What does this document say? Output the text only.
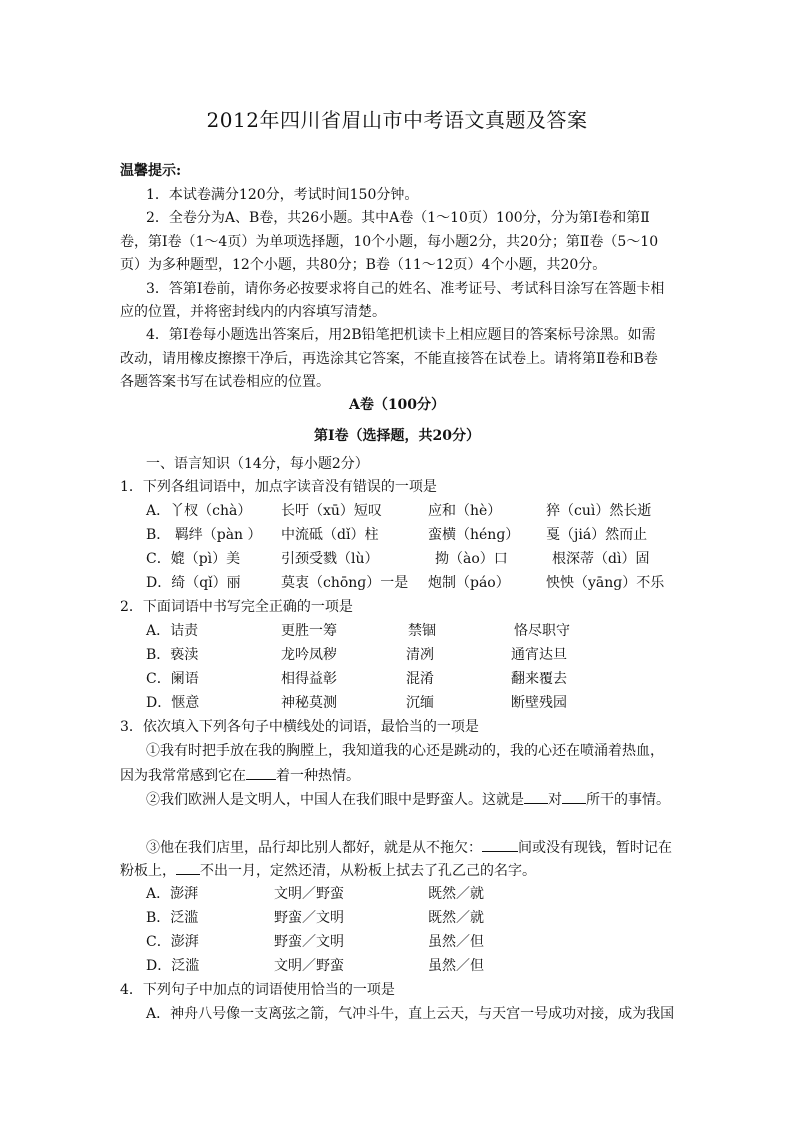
2012年四川省眉山市中考语文真题及答案
温馨提示:
1．本试卷满分120分，考试时间150分钟。
2．全卷分为A、B卷，共26小题。其中A卷（1～10页）100分，分为第Ⅰ卷和第Ⅱ
卷，第Ⅰ卷（1～4页）为单项选择题，10个小题，每小题2分，共20分；第Ⅱ卷（5～10
页）为多种题型，12个小题，共80分；B卷（11～12页）4个小题，共20分。
3．答第Ⅰ卷前，请你务必按要求将自己的姓名、准考证号、考试科目涂写在答题卡相
应的位置，并将密封线内的内容填写清楚。
4．第Ⅰ卷每小题选出答案后，用2B铅笔把机读卡上相应题目的答案标号涂黑。如需
改动，请用橡皮擦擦干净后，再选涂其它答案，不能直接答在试卷上。请将第Ⅱ卷和B卷
各题答案书写在试卷相应的位置。
A卷（100分）
第Ⅰ卷（选择题，共20分）
一、语言知识（14分，每小题2分）
1．下列各组词语中，加点字读音没有错误的一项是
A．丫杈（chà） 长吁（xū）短叹	应和（hè）	猝（cuì）然长逝
B． 羁绊（pàn ） 中流砥（dǐ）柱	蛮横（hénɡ） 戛（jiá）然而止
C．媲（pì）美	引颈受戮（lù）	拗（ào）口	根深蒂（dì）固
D．绮（qǐ）丽	莫衷（chōnɡ）一是 炮制（páo）	怏怏（yānɡ）不乐
2．下面词语中书写完全正确的一项是
A．诘责	更胜一筹	禁锢	恪尽职守
B．亵渎	龙吟凤秽	清冽	通宵达旦
C．阑语	相得益彰	混淆	翻来覆去
D．惬意	神秘莫测	沉缅	断壁残园
3．依次填入下列各句子中横线处的词语，最恰当的一项是
①我有时把手放在我的胸膛上，我知道我的心还是跳动的，我的心还在喷涌着热血，
因为我常常感到它在 着一种热情。
②我们欧洲人是文明人，中国人在我们眼中是野蛮人。这就是 对 所干的事情。
③他在我们店里，品行却比别人都好，就是从不拖欠：	间或没有现钱，暂时记在
粉板上， 不出一月，定然还清，从粉板上拭去了孔乙己的名字。
A．澎湃	文明／野蛮	既然／就
B．泛滥	野蛮／文明	既然／就
C．澎湃	野蛮／文明	虽然／但
D．泛滥	文明／野蛮	虽然／但
4．下列句子中加点的词语使用恰当的一项是
A．神舟八号像一支离弦之箭，气冲斗牛，直上云天，与天宫一号成功对接，成为我国
